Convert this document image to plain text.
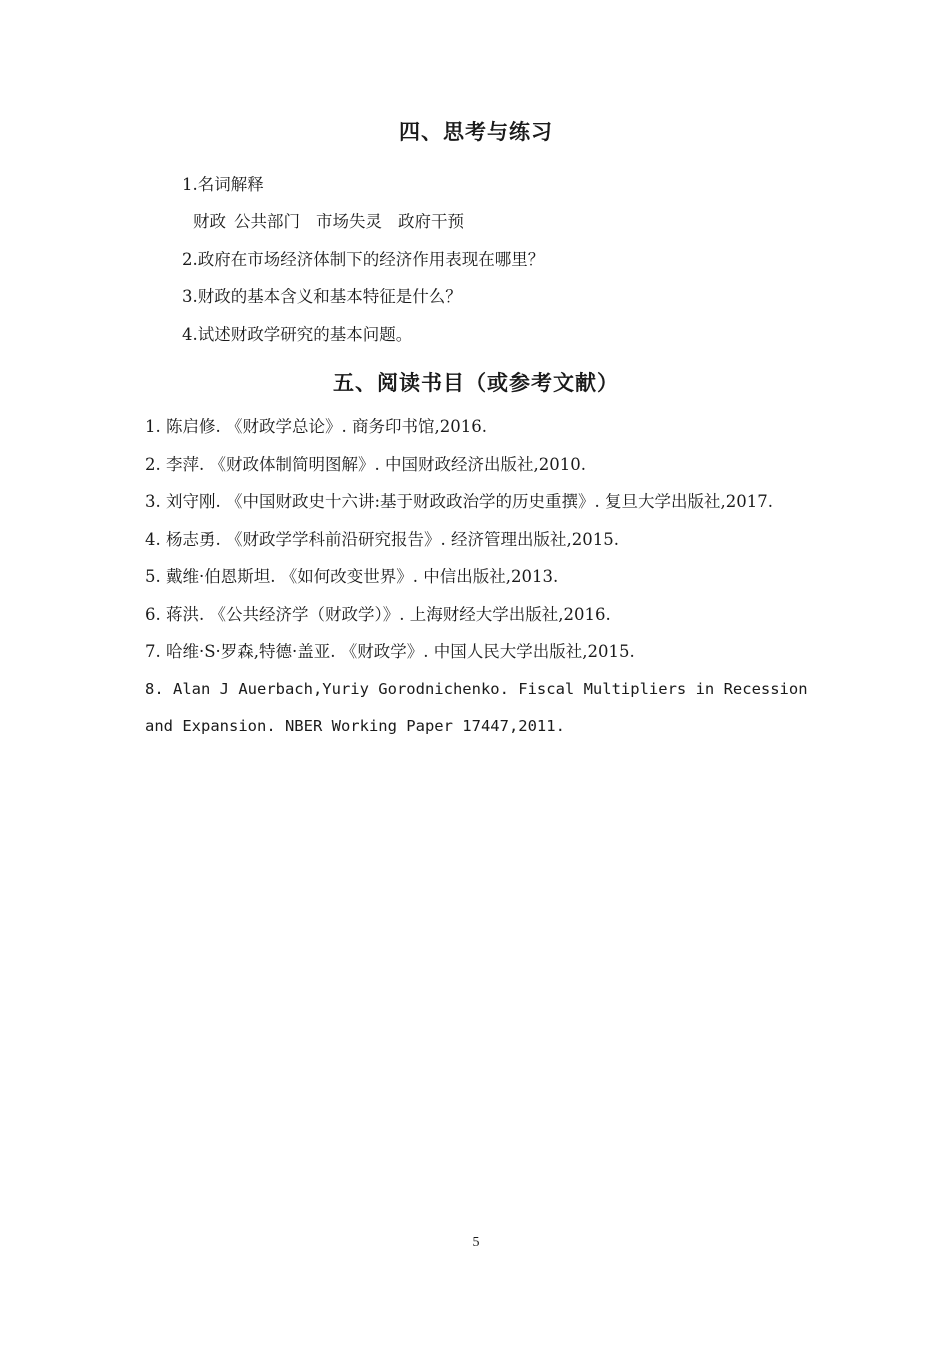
四、思考与练习
1.名词解释
财政 公共部门 市场失灵 政府干预
2.政府在市场经济体制下的经济作用表现在哪里？
3.财政的基本含义和基本特征是什么？
4.试述财政学研究的基本问题。
五、阅读书目（或参考文献）
1. 陈启修. 《财政学总论》. 商务印书馆,2016.
2. 李萍. 《财政体制简明图解》. 中国财政经济出版社,2010.
3. 刘守刚. 《中国财政史十六讲:基于财政政治学的历史重撰》. 复旦大学出版社,2017.
4. 杨志勇. 《财政学学科前沿研究报告》. 经济管理出版社,2015.
5. 戴维·伯恩斯坦. 《如何改变世界》. 中信出版社,2013.
6. 蒋洪. 《公共经济学（财政学）》. 上海财经大学出版社,2016.
7. 哈维·S·罗森,特德·盖亚. 《财政学》. 中国人民大学出版社,2015.
8. Alan J Auerbach,Yuriy Gorodnichenko. Fiscal Multipliers in Recession and Expansion. NBER Working Paper 17447,2011.
5
